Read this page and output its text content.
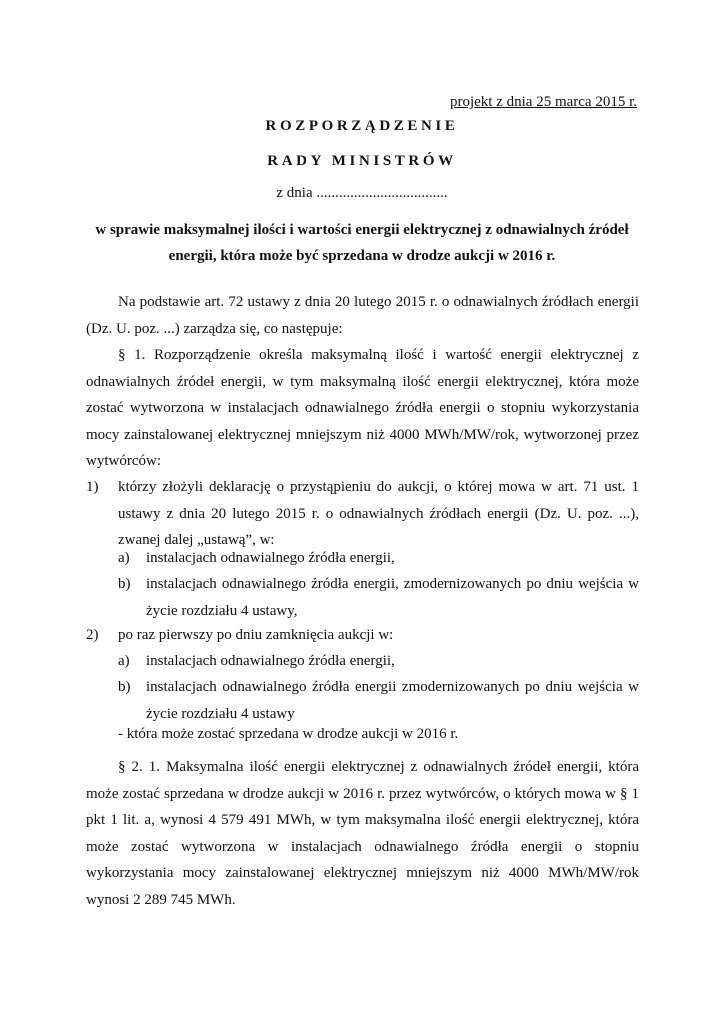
projekt z dnia 25 marca 2015 r.
ROZPORZĄDZENIE
RADY MINISTRÓW
z dnia ...................................
w sprawie maksymalnej ilości i wartości energii elektrycznej z odnawialnych źródeł energii, która może być sprzedana w drodze aukcji w 2016 r.
Na podstawie art. 72 ustawy z dnia 20 lutego 2015 r. o odnawialnych źródłach energii (Dz. U. poz. ...) zarządza się, co następuje:
§ 1. Rozporządzenie określa maksymalną ilość i wartość energii elektrycznej z odnawialnych źródeł energii, w tym maksymalną ilość energii elektrycznej, która może zostać wytworzona w instalacjach odnawialnego źródła energii o stopniu wykorzystania mocy zainstalowanej elektrycznej mniejszym niż 4000 MWh/MW/rok, wytworzonej przez wytwórców:
1) którzy złożyli deklarację o przystąpieniu do aukcji, o której mowa w art. 71 ust. 1 ustawy z dnia 20 lutego 2015 r. o odnawialnych źródłach energii (Dz. U. poz. ...), zwanej dalej „ustawą”, w:
a) instalacjach odnawialnego źródła energii,
b) instalacjach odnawialnego źródła energii, zmodernizowanych po dniu wejścia w życie rozdziału 4 ustawy,
2) po raz pierwszy po dniu zamknięcia aukcji w:
a) instalacjach odnawialnego źródła energii,
b) instalacjach odnawialnego źródła energii zmodernizowanych po dniu wejścia w życie rozdziału 4 ustawy
- która może zostać sprzedana w drodze aukcji w 2016 r.
§ 2. 1. Maksymalna ilość energii elektrycznej z odnawialnych źródeł energii, która może zostać sprzedana w drodze aukcji w 2016 r. przez wytwórców, o których mowa w § 1 pkt 1 lit. a, wynosi 4 579 491 MWh, w tym maksymalna ilość energii elektrycznej, która może zostać wytworzona w instalacjach odnawialnego źródła energii o stopniu wykorzystania mocy zainstalowanej elektrycznej mniejszym niż 4000 MWh/MW/rok wynosi 2 289 745 MWh.
